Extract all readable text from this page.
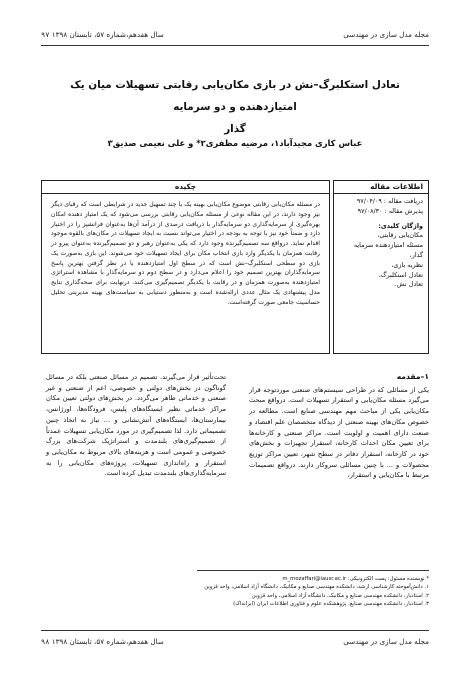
مجله مدل سازی در مهندسی
سال هفدهم،شماره ۵۷، تابستان ۱۳۹۸ ۹۷
تعادل استکلبرگ–نش در بازی مکان‌یابی رقابتی تسهیلات میان یک امتیازدهنده و دو سرمایه
گذار
عباس کاری مجیدآباد۱، مرضیه مظفری۲* و علی نعیمی صدیق۳
اطلاعات مقاله
دریافت مقاله : ۹۷/۰۴/۰۹
پذیرش مقاله : ۹۷/۰۸/۳۰
واژگان کلیدی:
مکان‌یابی رقابتی،
مسئله امتیازدهنده سرمایه
گذار،
نظریه بازی،
تعادل استکلبرگ،
تعادل نش.
چکیده
در مسئله مکان‌یابی رقابتی موضوع مکان‌یابی بهینه یک یا چند تسهیل جدید در شرایطی است که رقبای دیگر نیز وجود دارند، در این مقاله نوعی از مسئله مکان‌یابی رقابتی بررسی می‌شود که یک امتیاز دهنده امکان بهره‌گیری از سرمایه‌گذاری دو سرمایه‌گذار با دریافت درصدی از درآمد آن‌ها به‌عنوان فرانشیز را در اختیار دارد و ضمناً خود نیز با توجه به بودجه در اختیار می‌تواند نسبت به ایجاد تسهیلات در مکان‌های بالقوه موجود اقدام نماید. درواقع سه تصمیم‌گیرنده وجود دارد که یکی به‌عنوان رهبر و دو تصمیم‌گیرنده به‌عنوان پیرو در رقابت همزمان با یکدیگر وارد بازی انتخاب مکان برای ایجاد تسهیلات خود می‌شوند. این بازی به‌صورت یک بازی دو سطحی استکلبرگ–نش است که در سطح اول امتیازدهنده با در نظر گرفتن بهترین پاسخ سرمایه‌گذاران بهترین تصمیم خود را اعلام می‌دارد و در سطح دوم دو سرمایه‌گذار با مشاهده استراتژی امتیازدهنده به‌صورت همزمان و در رقابت با یکدیگر تصمیم‌گیری می‌کنند. درنهایت برای صحه‌گذاری نتایج مدل پیشنهادی یک مثال عددی ارائه‌شده است و به‌منظور دستیابی به سیاست‌های بهینه مدیریتی تحلیل حساسیت جامعی صورت گرفته‌است.
۱–مقدمه

یکی از مسائلی که در طراحی سیستم‌های صنعتی موردتوجه قرار می‌گیرد مسئله مکان‌یابی و استقرار تسهیلات است. درواقع مبحث مکان‌یابی یکی از مباحث مهم مهندسی صنایع است. مطالعه در خصوص مکان‌های بهینه صنعتی از دیدگاه متخصصان علم اقتصاد و صنعت دارای اهمیت و اولویت است. مراکز صنعتی و کارخانه‌ها برای تعیین مکان احداث کارخانه، استقرار تجهیزات و بخش‌های خود در کارخانه، استقرار دفاتر در سطح شهر، تعیین مراکز توزیع محصولات و ... با چنین مسائلی سروکار دارند. درواقع تصمیمات مرتبط با مکان‌یابی و استقرار،

تحت‌تأثیر قرار می‌گیرند. تصمیم در مسائل صنعتی بلکه در مسائل گوناگون در بخش‌های دولتی و خصوصی، اعم از صنعتی و غیر صنعتی و خدماتی ظاهر می‌گردد. در بخش‌های دولتی تعیین مکان مراکز خدماتی نظیر ایستگاه‌های پلیس، فرودگاه‌ها، اورژانس، بیمارستان‌ها، ایستگاه‌های آتش‌نشانی و ... نیاز به اتخاذ چنین تصمیماتی دارد. لذا تصمیم‌گیری در مورد مکان‌یابی تسهیلات عمدتاً از تصمیم‌گیری‌های بلندمدت و استراتژیک شرکت‌های بزرگ خصوصی و عمومی است و هزینه‌های بالای مربوط به مکان‌یابی و استقرار و راه‌اندازی تسهیلات، پروژه‌های مکان‌یابی را به سرمایه‌گذاری‌های بلندمدت تبدیل کرده است.

* نویسنده مسئول: پست الکترونیکی: m_mozaffari@iausr.ac.ir
۱. دانش‌آموخته کارشناسی ارشد، دانشکده مهندسی صنایع و مکانیک، دانشگاه آزاد اسلامی، واحد قزوین
۲. استادیار، دانشکده مهندسی صنایع و مکانیک، دانشگاه آزاد اسلامی، واحد قزوین
۳. استادیار، دانشکده مهندسی صنایع، پژوهشکده علوم و فناوری اطلاعات ایران (ایرانداک)
مجله مدل سازی در مهندسی
سال هفدهم،شماره ۵۷، تابستان ۱۳۹۸ ۹۸
